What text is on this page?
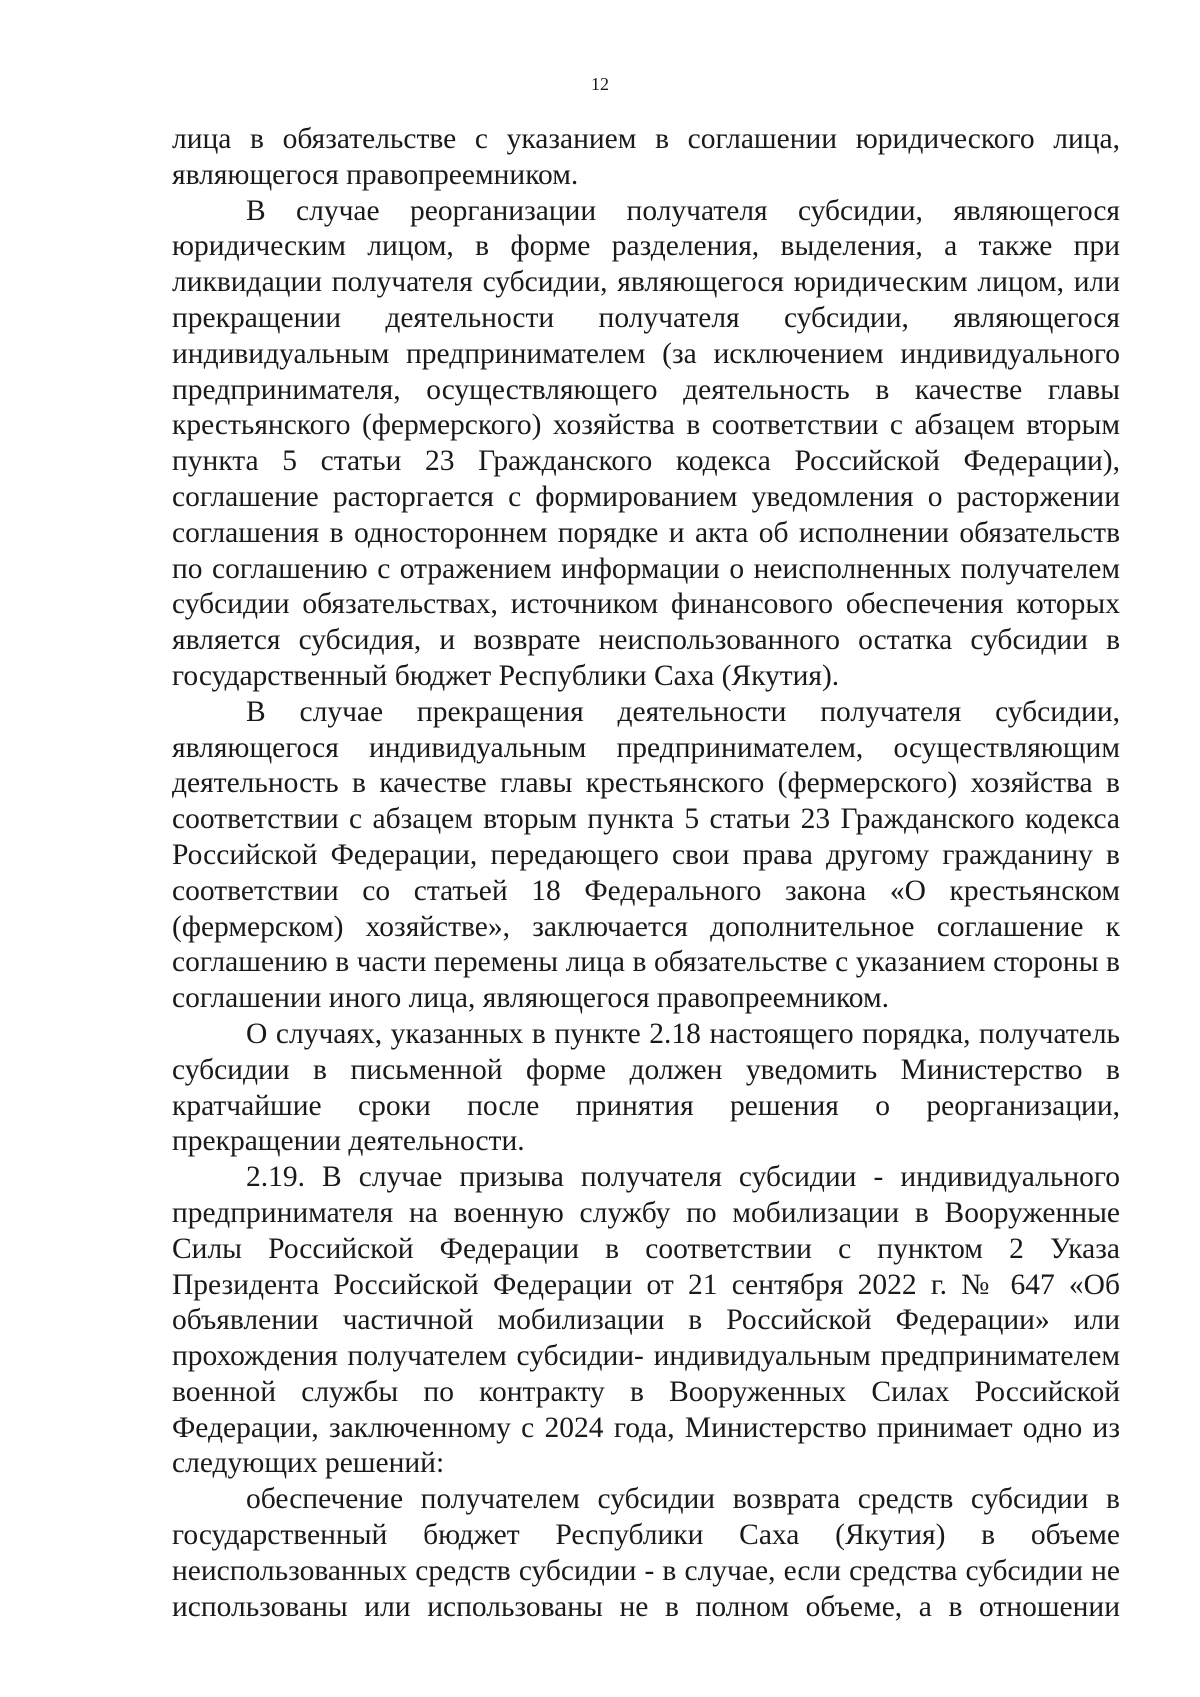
12

лица в обязательстве с указанием в соглашении юридического лица, являющегося правопреемником.

В случае реорганизации получателя субсидии, являющегося юридическим лицом, в форме разделения, выделения, а также при ликвидации получателя субсидии, являющегося юридическим лицом, или прекращении деятельности получателя субсидии, являющегося индивидуальным предпринимателем (за исключением индивидуального предпринимателя, осуществляющего деятельность в качестве главы крестьянского (фермерского) хозяйства в соответствии с абзацем вторым пункта 5 статьи 23 Гражданского кодекса Российской Федерации), соглашение расторгается с формированием уведомления о расторжении соглашения в одностороннем порядке и акта об исполнении обязательств по соглашению с отражением информации о неисполненных получателем субсидии обязательствах, источником финансового обеспечения которых является субсидия, и возврате неиспользованного остатка субсидии в государственный бюджет Республики Саха (Якутия).

В случае прекращения деятельности получателя субсидии, являющегося индивидуальным предпринимателем, осуществляющим деятельность в качестве главы крестьянского (фермерского) хозяйства в соответствии с абзацем вторым пункта 5 статьи 23 Гражданского кодекса Российской Федерации, передающего свои права другому гражданину в соответствии со статьей 18 Федерального закона «О крестьянском (фермерском) хозяйстве», заключается дополнительное соглашение к соглашению в части перемены лица в обязательстве с указанием стороны в соглашении иного лица, являющегося правопреемником.

О случаях, указанных в пункте 2.18 настоящего порядка, получатель субсидии в письменной форме должен уведомить Министерство в кратчайшие сроки после принятия решения о реорганизации, прекращении деятельности.

2.19. В случае призыва получателя субсидии - индивидуального предпринимателя на военную службу по мобилизации в Вооруженные Силы Российской Федерации в соответствии с пунктом 2 Указа Президента Российской Федерации от 21 сентября 2022 г. № 647 «Об объявлении частичной мобилизации в Российской Федерации» или прохождения получателем субсидии- индивидуальным предпринимателем военной службы по контракту в Вооруженных Силах Российской Федерации, заключенному с 2024 года, Министерство принимает одно из следующих решений:

обеспечение получателем субсидии возврата средств субсидии в государственный бюджет Республики Саха (Якутия) в объеме неиспользованных средств субсидии - в случае, если средства субсидии не использованы или использованы не в полном объеме, а в отношении
